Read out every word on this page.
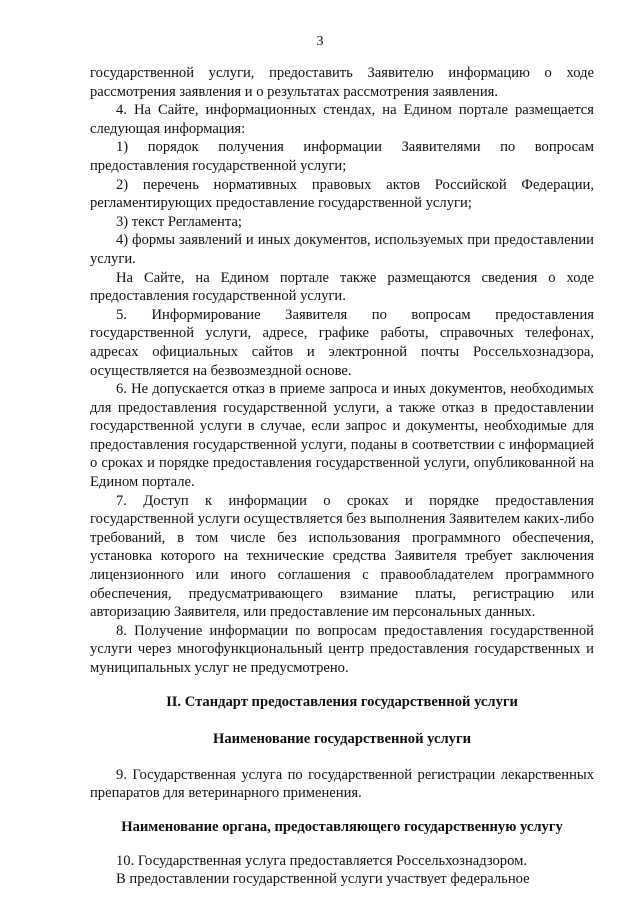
3

государственной услуги, предоставить Заявителю информацию о ходе рассмотрения заявления и о результатах рассмотрения заявления.

4. На Сайте, информационных стендах, на Едином портале размещается следующая информация:

1) порядок получения информации Заявителями по вопросам предоставления государственной услуги;

2) перечень нормативных правовых актов Российской Федерации, регламентирующих предоставление государственной услуги;

3) текст Регламента;

4) формы заявлений и иных документов, используемых при предоставлении услуги.

На Сайте, на Едином портале также размещаются сведения о ходе предоставления государственной услуги.

5. Информирование Заявителя по вопросам предоставления государственной услуги, адресе, графике работы, справочных телефонах, адресах официальных сайтов и электронной почты Россельхознадзора, осуществляется на безвозмездной основе.

6. Не допускается отказ в приеме запроса и иных документов, необходимых для предоставления государственной услуги, а также отказ в предоставлении государственной услуги в случае, если запрос и документы, необходимые для предоставления государственной услуги, поданы в соответствии с информацией о сроках и порядке предоставления государственной услуги, опубликованной на Едином портале.

7. Доступ к информации о сроках и порядке предоставления государственной услуги осуществляется без выполнения Заявителем каких-либо требований, в том числе без использования программного обеспечения, установка которого на технические средства Заявителя требует заключения лицензионного или иного соглашения с правообладателем программного обеспечения, предусматривающего взимание платы, регистрацию или авторизацию Заявителя, или предоставление им персональных данных.

8. Получение информации по вопросам предоставления государственной услуги через многофункциональный центр предоставления государственных и муниципальных услуг не предусмотрено.

II. Стандарт предоставления государственной услуги

Наименование государственной услуги

9. Государственная услуга по государственной регистрации лекарственных препаратов для ветеринарного применения.

Наименование органа, предоставляющего государственную услугу

10. Государственная услуга предоставляется Россельхознадзором.

В предоставлении государственной услуги участвует федеральное
